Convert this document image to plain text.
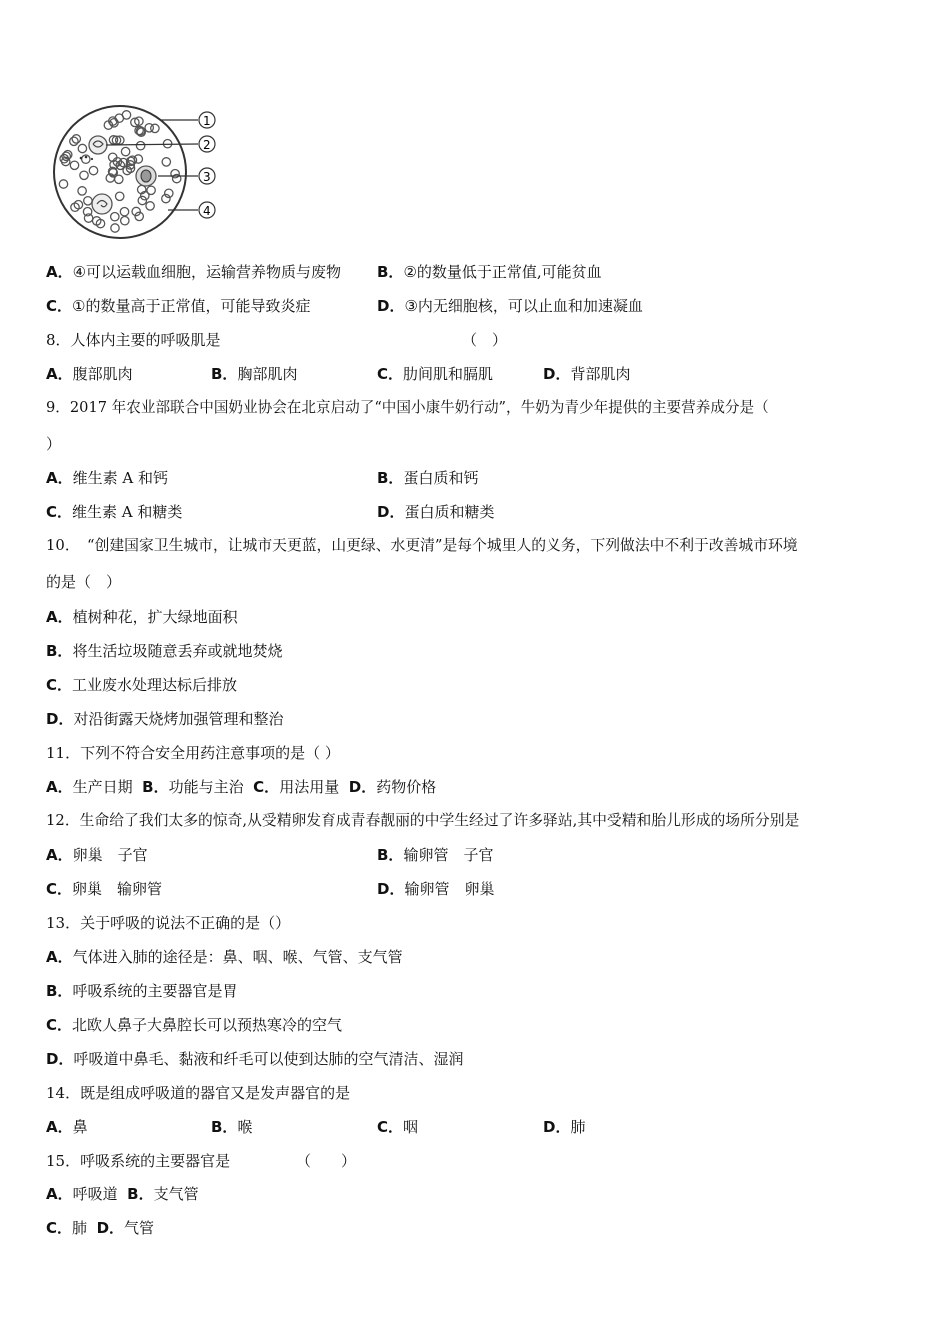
1
2
3
4
A．④可以运载血细胞，运输营养物质与废物 B．②的数量低于正常值,可能贫血
C．①的数量高于正常值，可能导致炎症	D．③内无细胞核，可以止血和加速凝血
8．人体内主要的呼吸肌是	（　）
A．腹部肌肉	B．胸部肌肉	C．肋间肌和膈肌	D．背部肌肉
9．2017 年农业部联合中国奶业协会在北京启动了“中国小康牛奶行动”，牛奶为青少年提供的主要营养成分是（
）
A．维生素 A 和钙	B．蛋白质和钙
C．维生素 A 和糖类	D．蛋白质和糖类
10．　“创建国家卫生城市，让城市天更蓝，山更绿、水更清”是每个城里人的义务，下列做法中不利于改善城市环境
的是（　）
A．植树种花，扩大绿地面积
B．将生活垃圾随意丢弃或就地焚烧
C．工业废水处理达标后排放
D．对沿街露天烧烤加强管理和整治
11．下列不符合安全用药注意事项的是（ ）
A．生产日期 B．功能与主治 C．用法用量 D．药物价格
12．生命给了我们太多的惊奇,从受精卵发育成青春靓丽的中学生经过了许多驿站,其中受精和胎儿形成的场所分别是
A．卵巢　子官	B．输卵管　子官
C．卵巢　输卵管	D．输卵管　卵巢
13．关于呼吸的说法不正确的是（）
A．气体进入肺的途径是：鼻、咽、喉、气管、支气管
B．呼吸系统的主要器官是胃
C．北欧人鼻子大鼻腔长可以预热寒冷的空气
D．呼吸道中鼻毛、黏液和纤毛可以使到达肺的空气清洁、湿润
14．既是组成呼吸道的器官又是发声器官的是
A．鼻	B．喉	C．咽	D．肺
15．呼吸系统的主要器官是	（　　）
A．呼吸道 B．支气管
C．肺 D．气管
